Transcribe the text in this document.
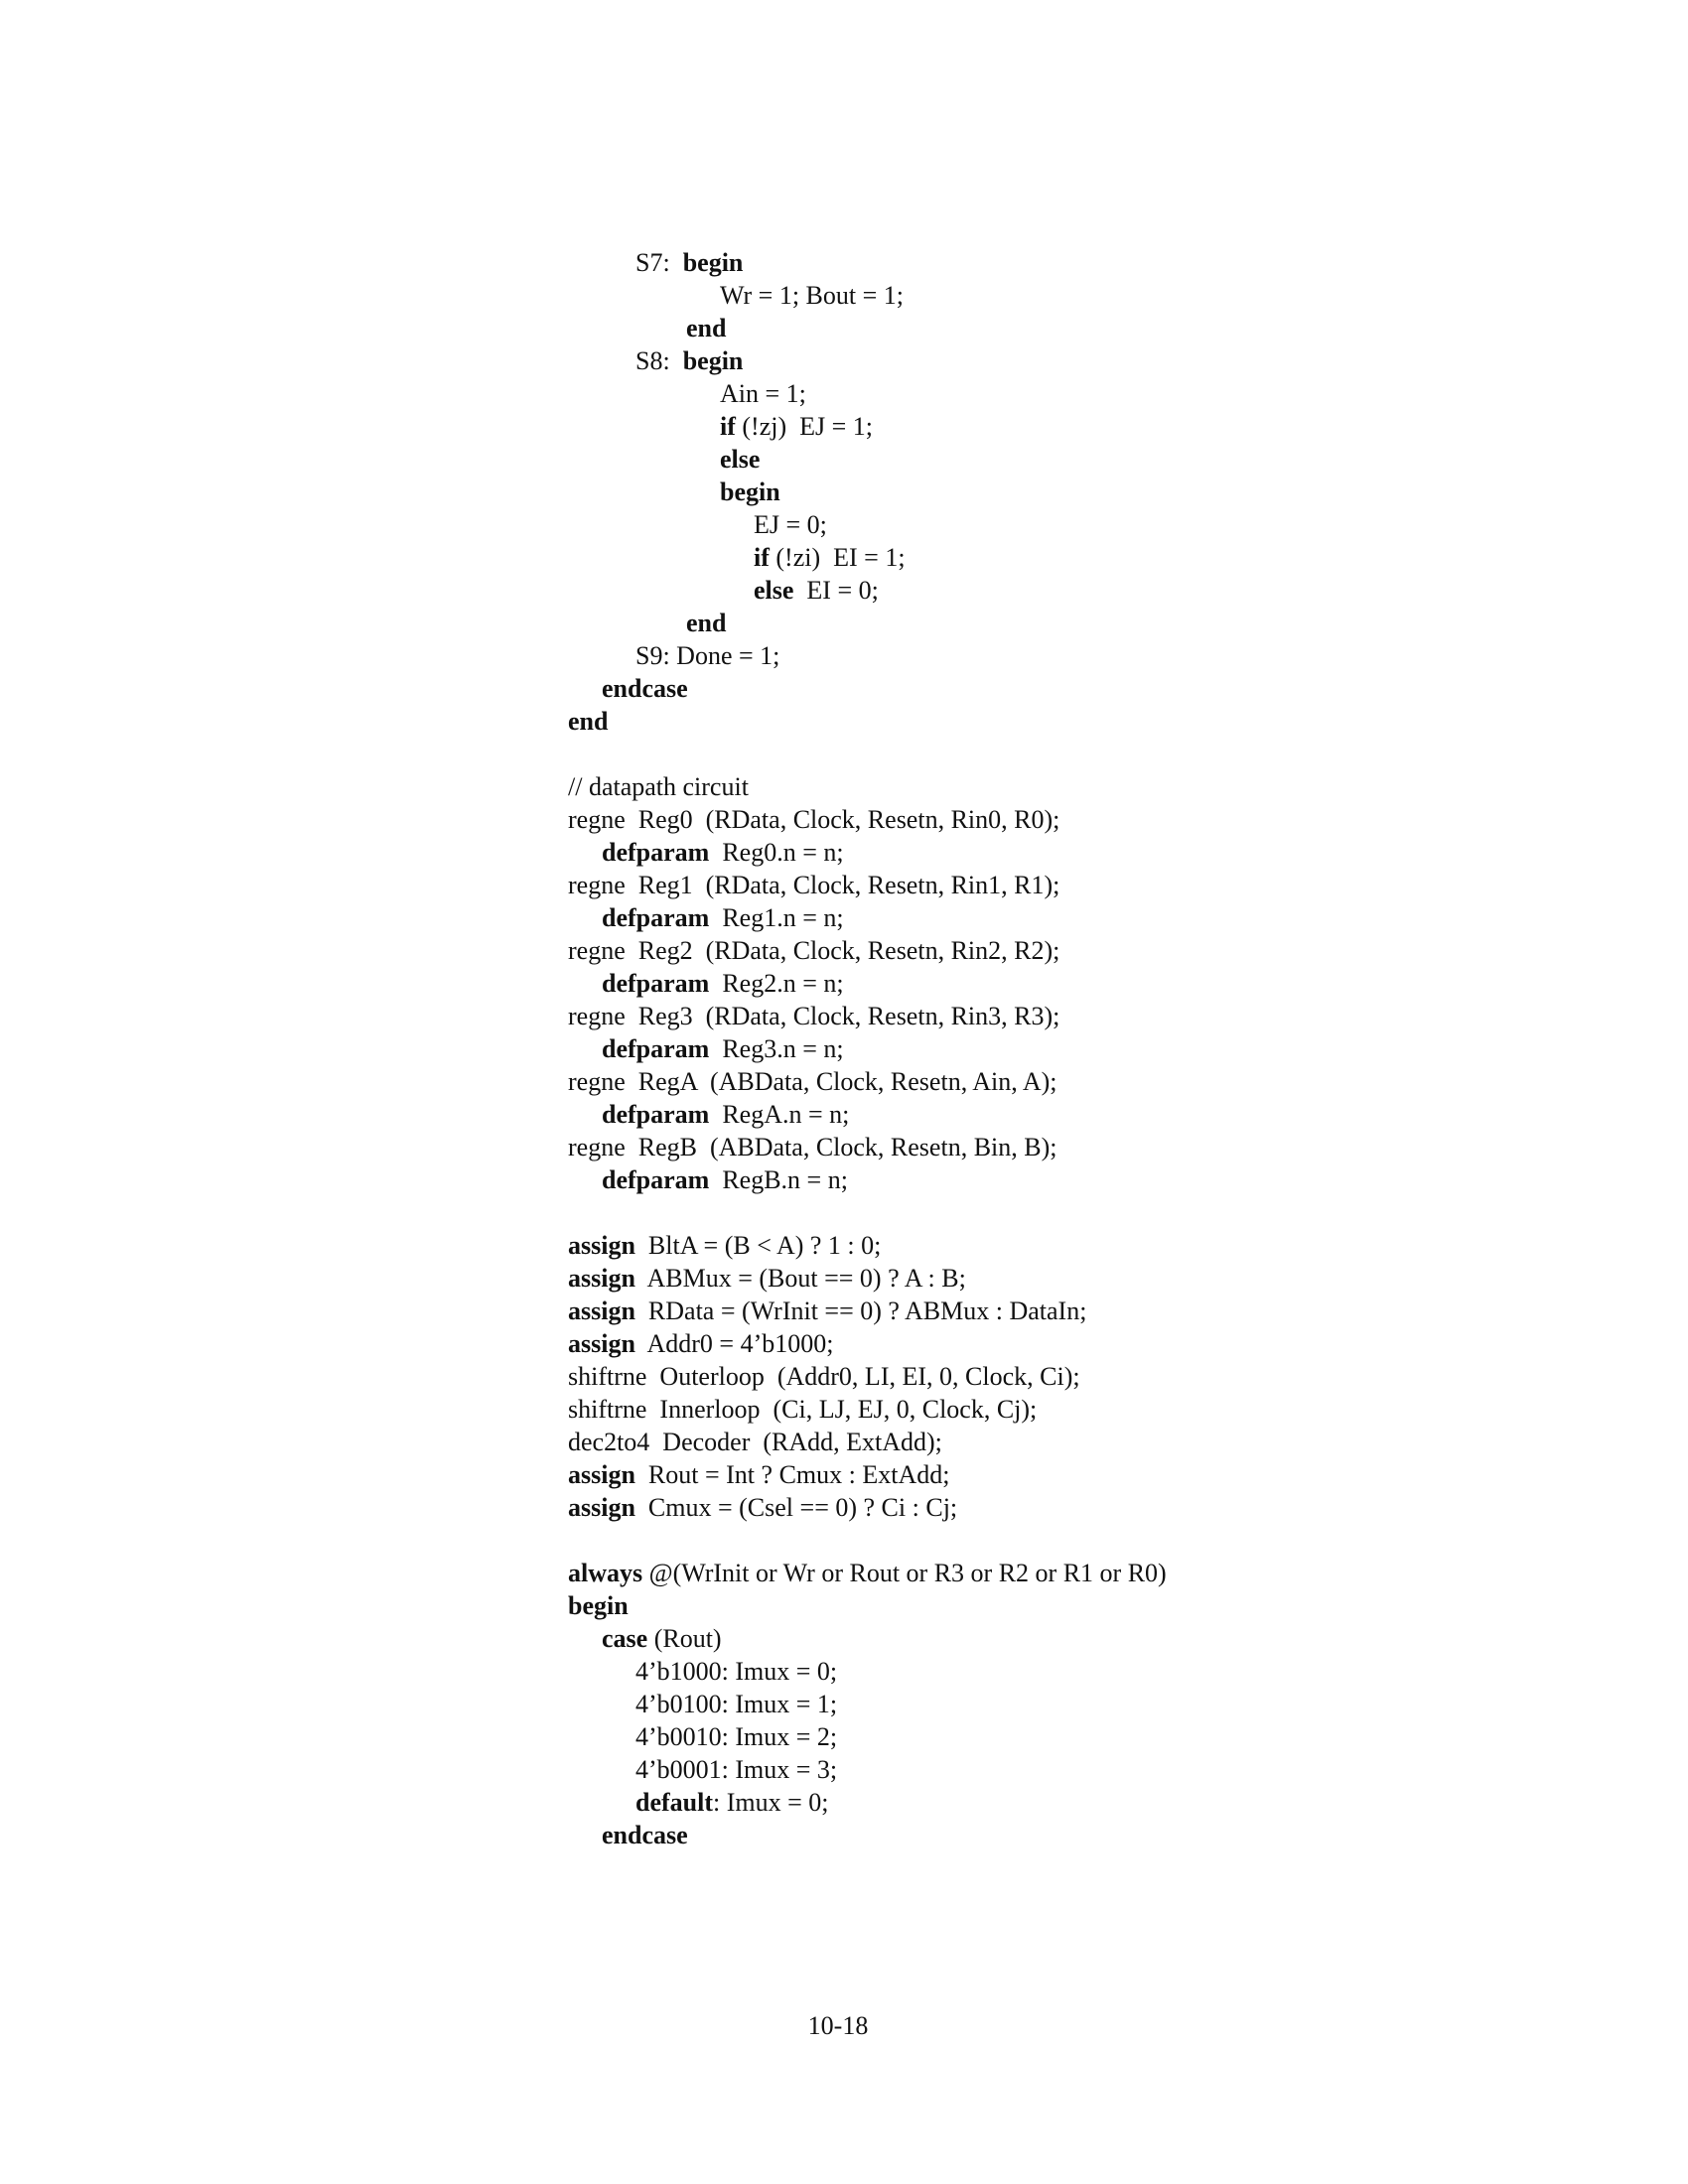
S7:  begin
Wr = 1; Bout = 1;
end
S8:  begin
Ain = 1;
if (!zj)  EJ = 1;
else
begin
EJ = 0;
if (!zi)  EI = 1;
else  EI = 0;
end
S9: Done = 1;
endcase
end
// datapath circuit
regne  Reg0  (RData, Clock, Resetn, Rin0, R0);
defparam  Reg0.n = n;
regne  Reg1  (RData, Clock, Resetn, Rin1, R1);
defparam  Reg1.n = n;
regne  Reg2  (RData, Clock, Resetn, Rin2, R2);
defparam  Reg2.n = n;
regne  Reg3  (RData, Clock, Resetn, Rin3, R3);
defparam  Reg3.n = n;
regne  RegA  (ABData, Clock, Resetn, Ain, A);
defparam  RegA.n = n;
regne  RegB  (ABData, Clock, Resetn, Bin, B);
defparam  RegB.n = n;
assign  BltA = (B < A) ? 1 : 0;
assign  ABMux = (Bout == 0) ? A : B;
assign  RData = (WrInit == 0) ? ABMux : DataIn;
assign  Addr0 = 4’b1000;
shiftrne  Outerloop  (Addr0, LI, EI, 0, Clock, Ci);
shiftrne  Innerloop  (Ci, LJ, EJ, 0, Clock, Cj);
dec2to4  Decoder  (RAdd, ExtAdd);
assign  Rout = Int ? Cmux : ExtAdd;
assign  Cmux = (Csel == 0) ? Ci : Cj;
always @(WrInit or Wr or Rout or R3 or R2 or R1 or R0)
begin
case (Rout)
4’b1000: Imux = 0;
4’b0100: Imux = 1;
4’b0010: Imux = 2;
4’b0001: Imux = 3;
default: Imux = 0;
endcase
10-18
